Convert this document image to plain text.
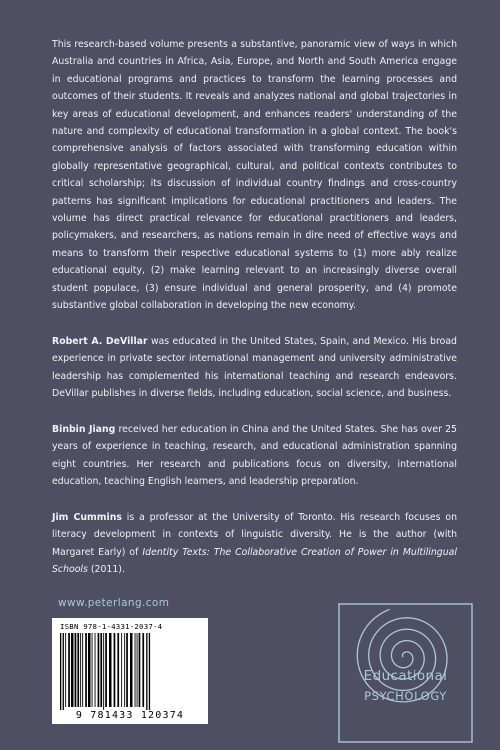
This research-based volume presents a substantive, panoramic view of ways in which Australia and countries in Africa, Asia, Europe, and North and South America engage in educational programs and practices to transform the learning processes and outcomes of their students. It reveals and analyzes national and global trajectories in key areas of educational development, and enhances readers' understanding of the nature and complexity of educational transformation in a global context. The book's comprehensive analysis of factors associated with transforming education within globally representative geographical, cultural, and political contexts contributes to critical scholarship; its discussion of individual country findings and cross-country patterns has significant implications for educational practitioners and leaders. The volume has direct practical relevance for educational practitioners and leaders, policymakers, and researchers, as nations remain in dire need of effective ways and means to transform their respective educational systems to (1) more ably realize educational equity, (2) make learning relevant to an increasingly diverse overall student populace, (3) ensure individual and general prosperity, and (4) promote substantive global collaboration in developing the new economy.

Robert A. DeVillar was educated in the United States, Spain, and Mexico. His broad experience in private sector international management and university administrative leadership has complemented his international teaching and research endeavors. DeVillar publishes in diverse fields, including education, social science, and business.

Binbin Jiang received her education in China and the United States. She has over 25 years of experience in teaching, research, and educational administration spanning eight countries. Her research and publications focus on diversity, international education, teaching English learners, and leadership preparation.

Jim Cummins is a professor at the University of Toronto. His research focuses on literacy development in contexts of linguistic diversity. He is the author (with Margaret Early) of Identity Texts: The Collaborative Creation of Power in Multilingual Schools (2011).

www.peterlang.com
ISBN 978-1-4331-2037-4
9 781433 120374
Educational
PSYCHOLOGY
